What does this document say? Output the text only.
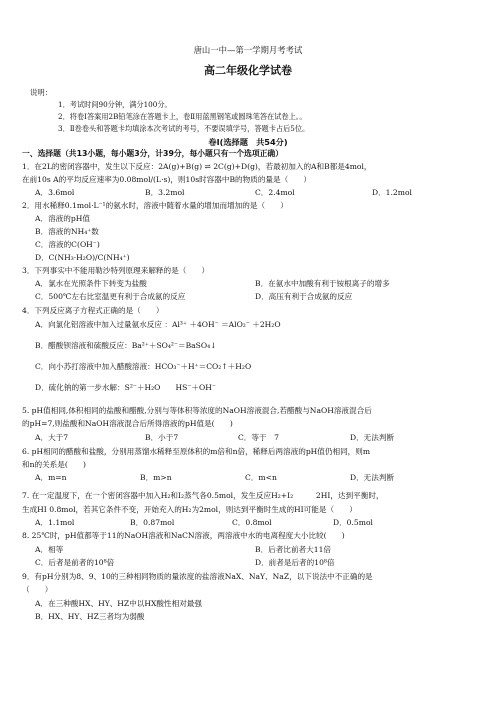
唐山一中—第一学期月考考试
高二年级化学试卷
说明：
1．考试时间90分钟，满分100分。
2．将卷Ⅰ答案用2B铅笔涂在答题卡上，卷Ⅱ用蓝黑钢笔或圆珠笔答在试卷上。。
3．Ⅱ卷卷头和答题卡均填涂本次考试的考号，不要误填学号，答题卡占后5位。
卷Ⅰ(选择题　共54分)
一、选择题（共13小题，每小题3分，计39分，每小题只有一个选项正确）
1．在2L的密闭容器中，发生以下反应：2A(g)+B(g) ⇌ 2C(g)+D(g)，若最初加入的A和B都是4mol，
在前10s A的平均反应速率为0.08mol/(L·s)，则10s时容器中B的物质的量是（　　）
A．3.6mol	B．3.2mol	C．2.4mol	D．1.2mol
2．用水稀释0.1mol·L⁻¹的氨水时，溶液中随着水量的增加而增加的是（　　）
A．溶液的pH值
B．溶液的NH₄⁺数
C．溶液的C(OH⁻)
D．C(NH₃·H₂O)/C(NH₄⁺)
3．下列事实中不能用勒沙特列原理来解释的是（　　）
A．氯水在光照条件下转变为盐酸	B．在氨水中加酸有利于铵根离子的增多
C．500℃左右比室温更有利于合成氨的反应	D．高压有利于合成氨的反应
4．下列反应离子方程式正确的是（　　）
A．向氯化铝溶液中加入过量氨水反应 ：Al³⁺ ＋4OH⁻ ＝AlO₂⁻ ＋2H₂O
B．醋酸钡溶液和硫酸反应：Ba²⁺＋SO₄²⁻＝BaSO₄↓
C．向小苏打溶液中加入醋酸溶液：HCO₃⁻＋H⁺＝CO₂↑＋H₂O
D．硫化钠的第一步水解：S²⁻＋H₂O　　HS⁻＋OH⁻
5. pH值相同,体积相同的盐酸和醋酸,分别与等体积等浓度的NaOH溶液混合,若醋酸与NaOH溶液混合后
的pH=7,则盐酸和NaOH溶液混合后所得溶液的pH值是(　　)
A．大于7	B．小于7	C．等于　7	D．无法判断
6. pH相同的醋酸和盐酸，分别用蒸馏水稀释至原体积的m倍和n倍，稀释后两溶液的pH值仍相同，则m
和n的关系是(　　)
A．m=n	B．m>n	C．m<n	D．无法判断
7. 在一定温度下，在一个密闭容器中加入H₂和I₂蒸气各0.5mol，发生反应H₂+I₂　　　2HI，达到平衡时，
生成HI 0.8mol，若其它条件不变，开始充入的H₂为2mol，则达到平衡时生成的HI可能是（　　）
A．1.1mol	B．0.87mol	C．0.8mol	D．0.5mol
8. 25℃时，pH值都等于11的NaOH溶液和NaCN溶液，两溶液中水的电离程度大小比较(　　)
A．相等	B．后者比前者大11倍
C．后者是前者的10⁸倍	D．前者是后者的10⁸倍
9．有pH分别为8、9、10的三种相同物质的量浓度的盐溶液NaX、NaY、NaZ，以下说法中不正确的是
（　　）
A．在三种酸HX、HY、HZ中以HX酸性相对最强
B．HX、HY、HZ三者均为弱酸
